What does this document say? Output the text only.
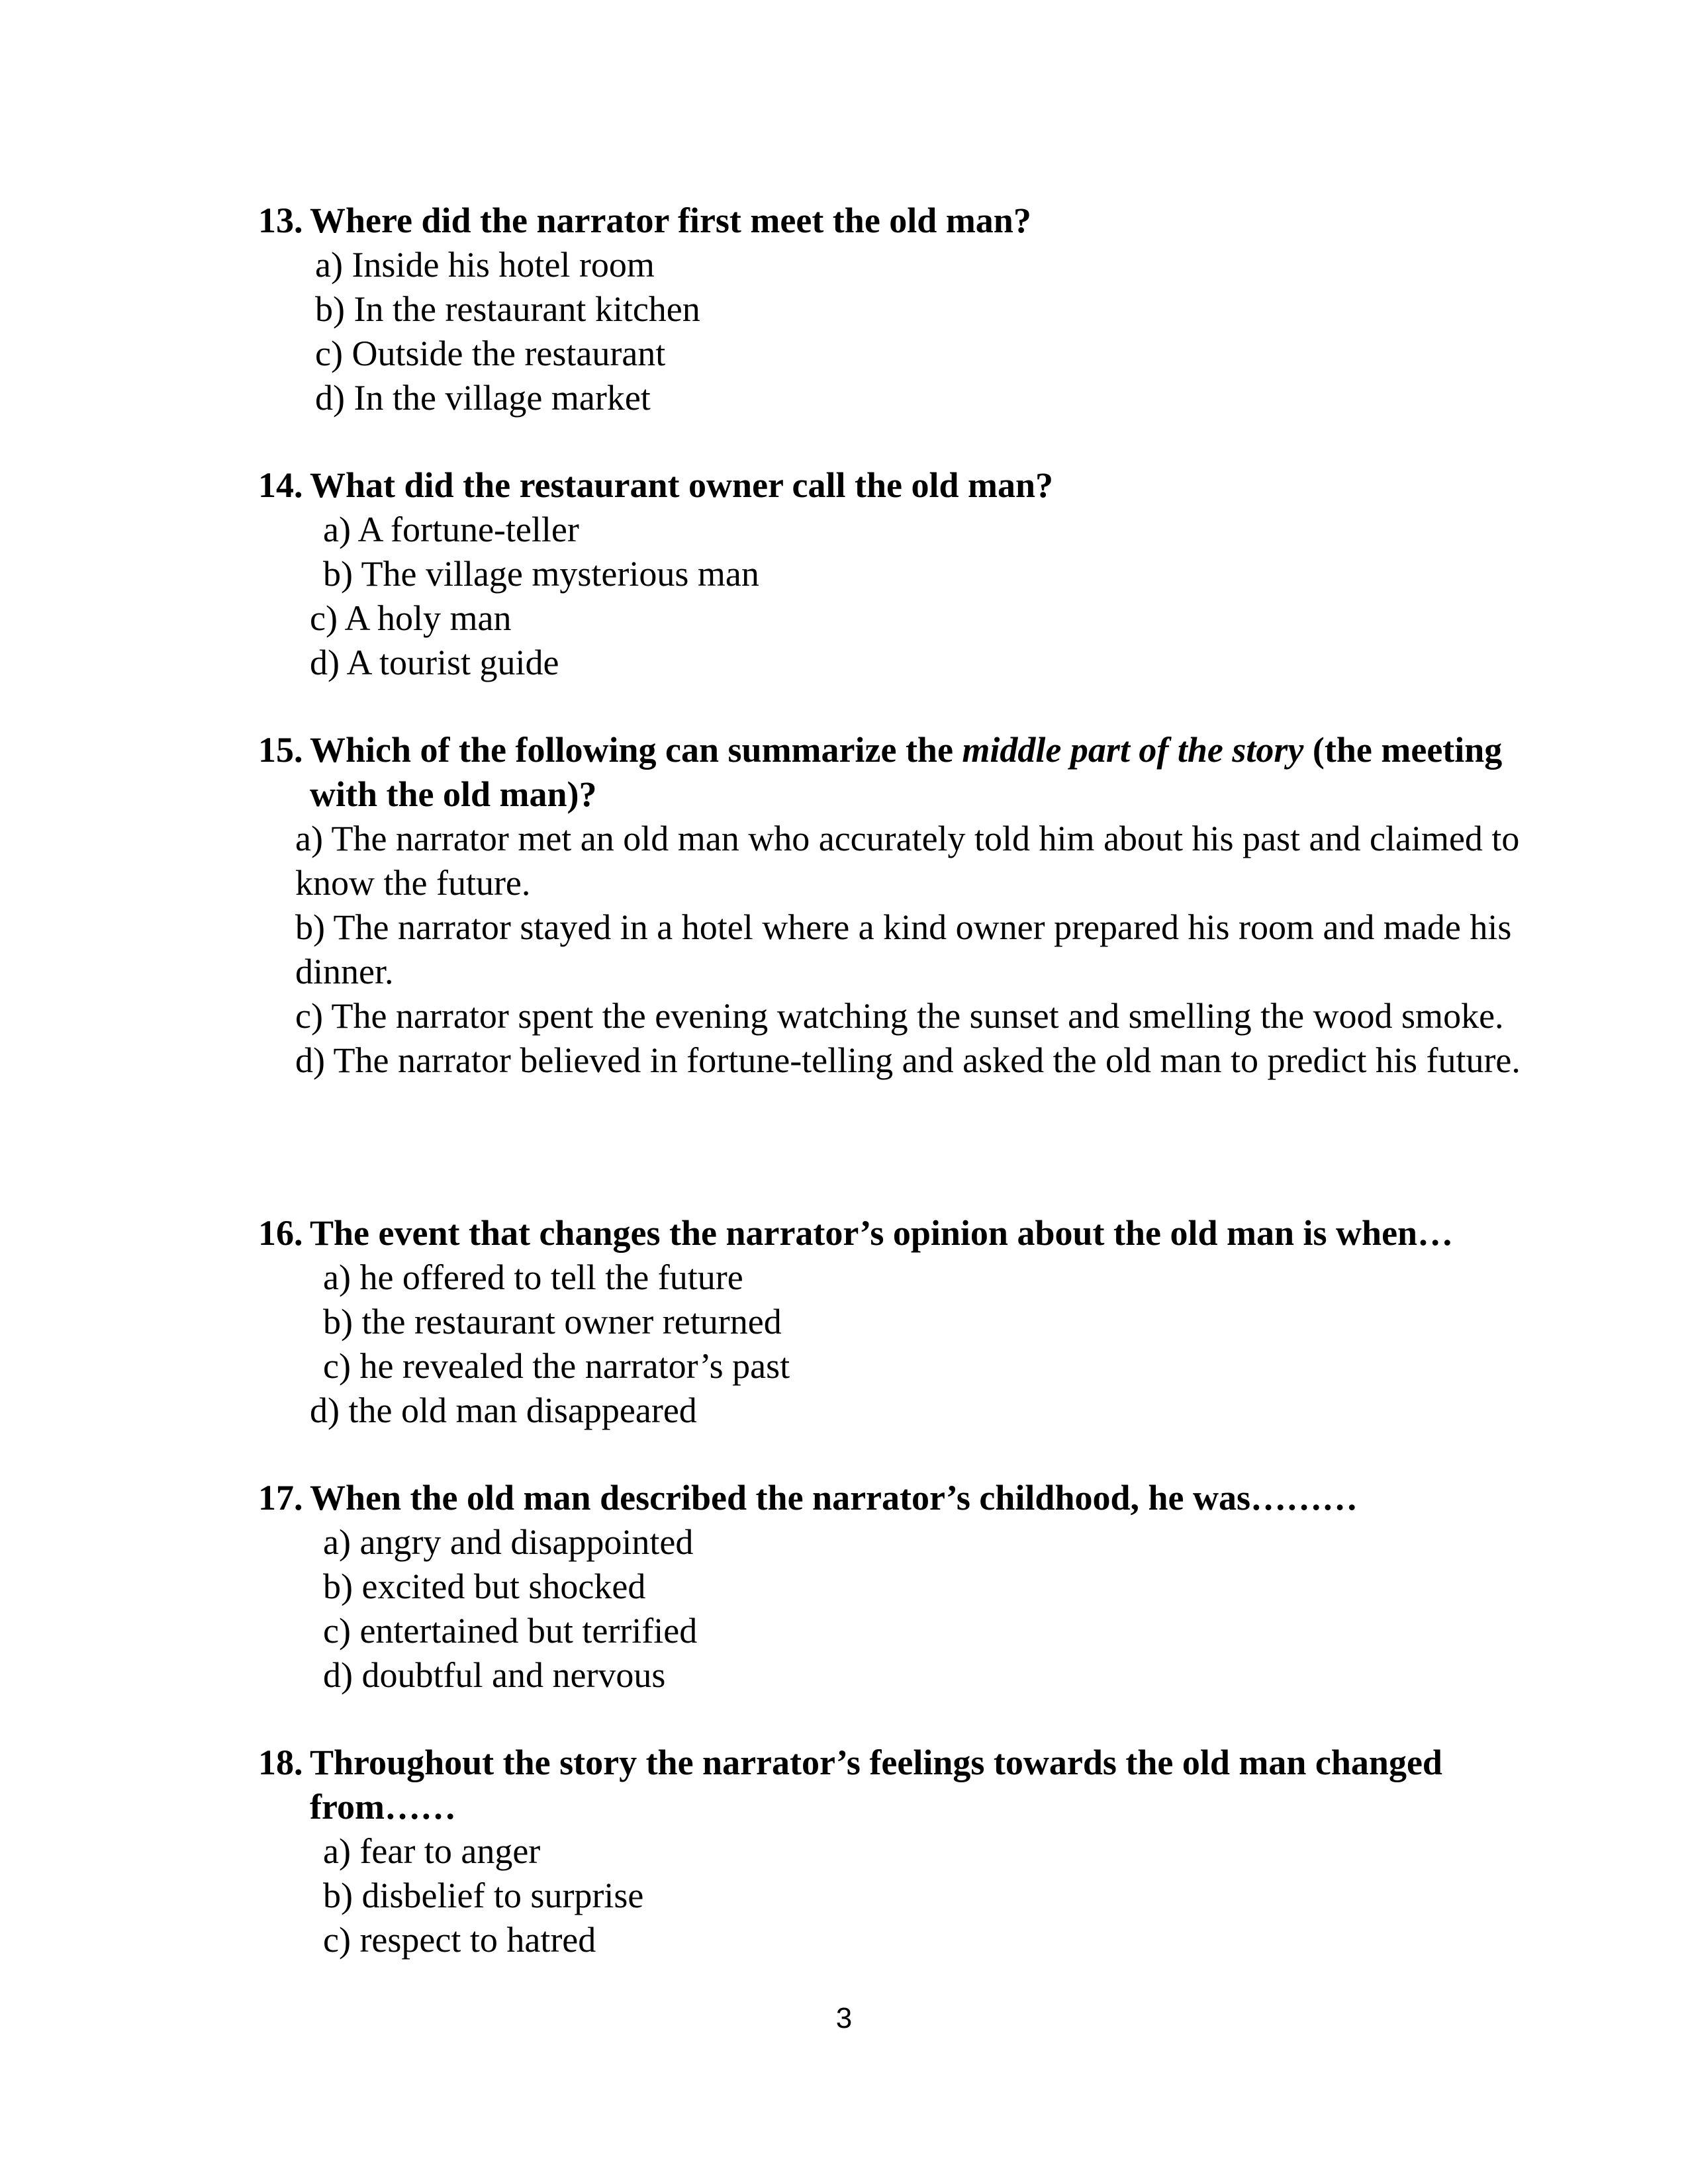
13. Where did the narrator first meet the old man?

a) Inside his hotel room
b) In the restaurant kitchen
c) Outside the restaurant
d) In the village market

14. What did the restaurant owner call the old man?

a) A fortune-teller
b) The village mysterious man
c) A holy man
d) A tourist guide

15. Which of the following can summarize the middle part of the story (the meeting with the old man)?

a) The narrator met an old man who accurately told him about his past and claimed to know the future.
b) The narrator stayed in a hotel where a kind owner prepared his room and made his dinner.
c) The narrator spent the evening watching the sunset and smelling the wood smoke.
d) The narrator believed in fortune-telling and asked the old man to predict his future.

16. The event that changes the narrator’s opinion about the old man is when…

a) he offered to tell the future
b) the restaurant owner returned
c) he revealed the narrator’s past
d) the old man disappeared

17. When the old man described the narrator’s childhood, he was………

a) angry and disappointed
b) excited but shocked
c) entertained but terrified
d) doubtful and nervous

18. Throughout the story the narrator’s feelings towards the old man changed from……

a) fear to anger
b) disbelief to surprise
c) respect to hatred
3
